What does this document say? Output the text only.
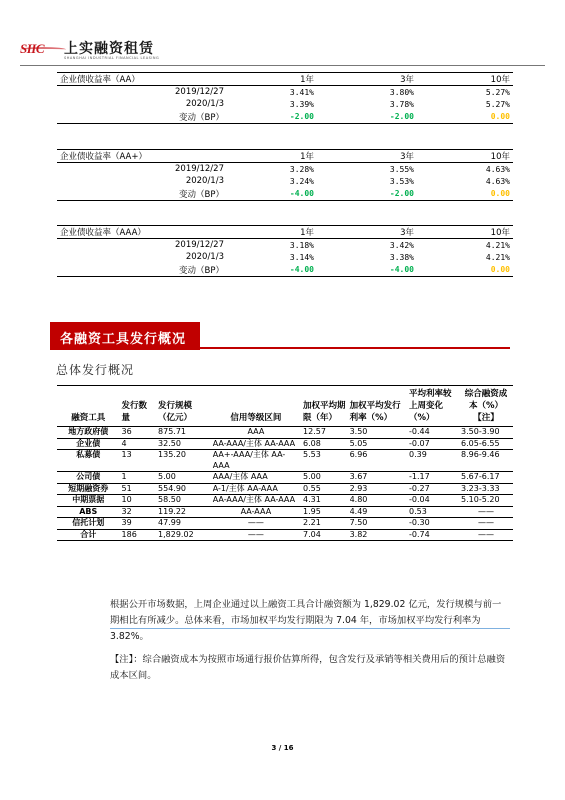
SIIC	上实融资租赁
SHANGHAI INDUSTRIAL FINANCIAL LEASING
企业债收益率（AA）	1年	3年	10年
2019/12/27	3.41%	3.80%	5.27%
2020/1/3	3.39%	3.78%	5.27%
变动（BP）	-2.00	-2.00	0.00
企业债收益率（AA+）	1年	3年	10年
2019/12/27	3.28%	3.55%	4.63%
2020/1/3	3.24%	3.53%	4.63%
变动（BP）	-4.00	-2.00	0.00
企业债收益率（AAA）	1年	3年	10年
2019/12/27	3.18%	3.42%	4.21%
2020/1/3	3.14%	3.38%	4.21%
变动（BP）	-4.00	-4.00	0.00
各融资工具发行概况
总体发行概况
融资工具	发行数量	发行规模（亿元）	信用等级区间	加权平均期限（年）	加权平均发行利率（%）	平均利率较上周变化（%）	综合融资成本（%）【注】
地方政府债	36	875.71	AAA	12.57	3.50	-0.44	3.50-3.90
企业债	4	32.50	AA-AAA/主体 AA-AAA	6.08	5.05	-0.07	6.05-6.55
私募债	13	135.20	AA+-AAA/主体 AA-AAA	5.53	6.96	0.39	8.96-9.46
公司债	1	5.00	AAA/主体 AAA	5.00	3.67	-1.17	5.67-6.17
短期融资券	51	554.90	A-1/主体 AA-AAA	0.55	2.93	-0.27	3.23-3.33
中期票据	10	58.50	AA-AAA/主体 AA-AAA	4.31	4.80	-0.04	5.10-5.20
ABS	32	119.22	AA-AAA	1.95	4.49	0.53	——
信托计划	39	47.99	——	2.21	7.50	-0.30	——
合计	186	1,829.02	——	7.04	3.82	-0.74	——
根据公开市场数据，上周企业通过以上融资工具合计融资额为 1,829.02 亿元，发行规模与前一期相比有所减少。总体来看，市场加权平均发行期限为 7.04 年，市场加权平均发行利率为 3.82%。
【注】：综合融资成本为按照市场通行报价估算所得，包含发行及承销等相关费用后的预计总融资成本区间。
3 / 16
